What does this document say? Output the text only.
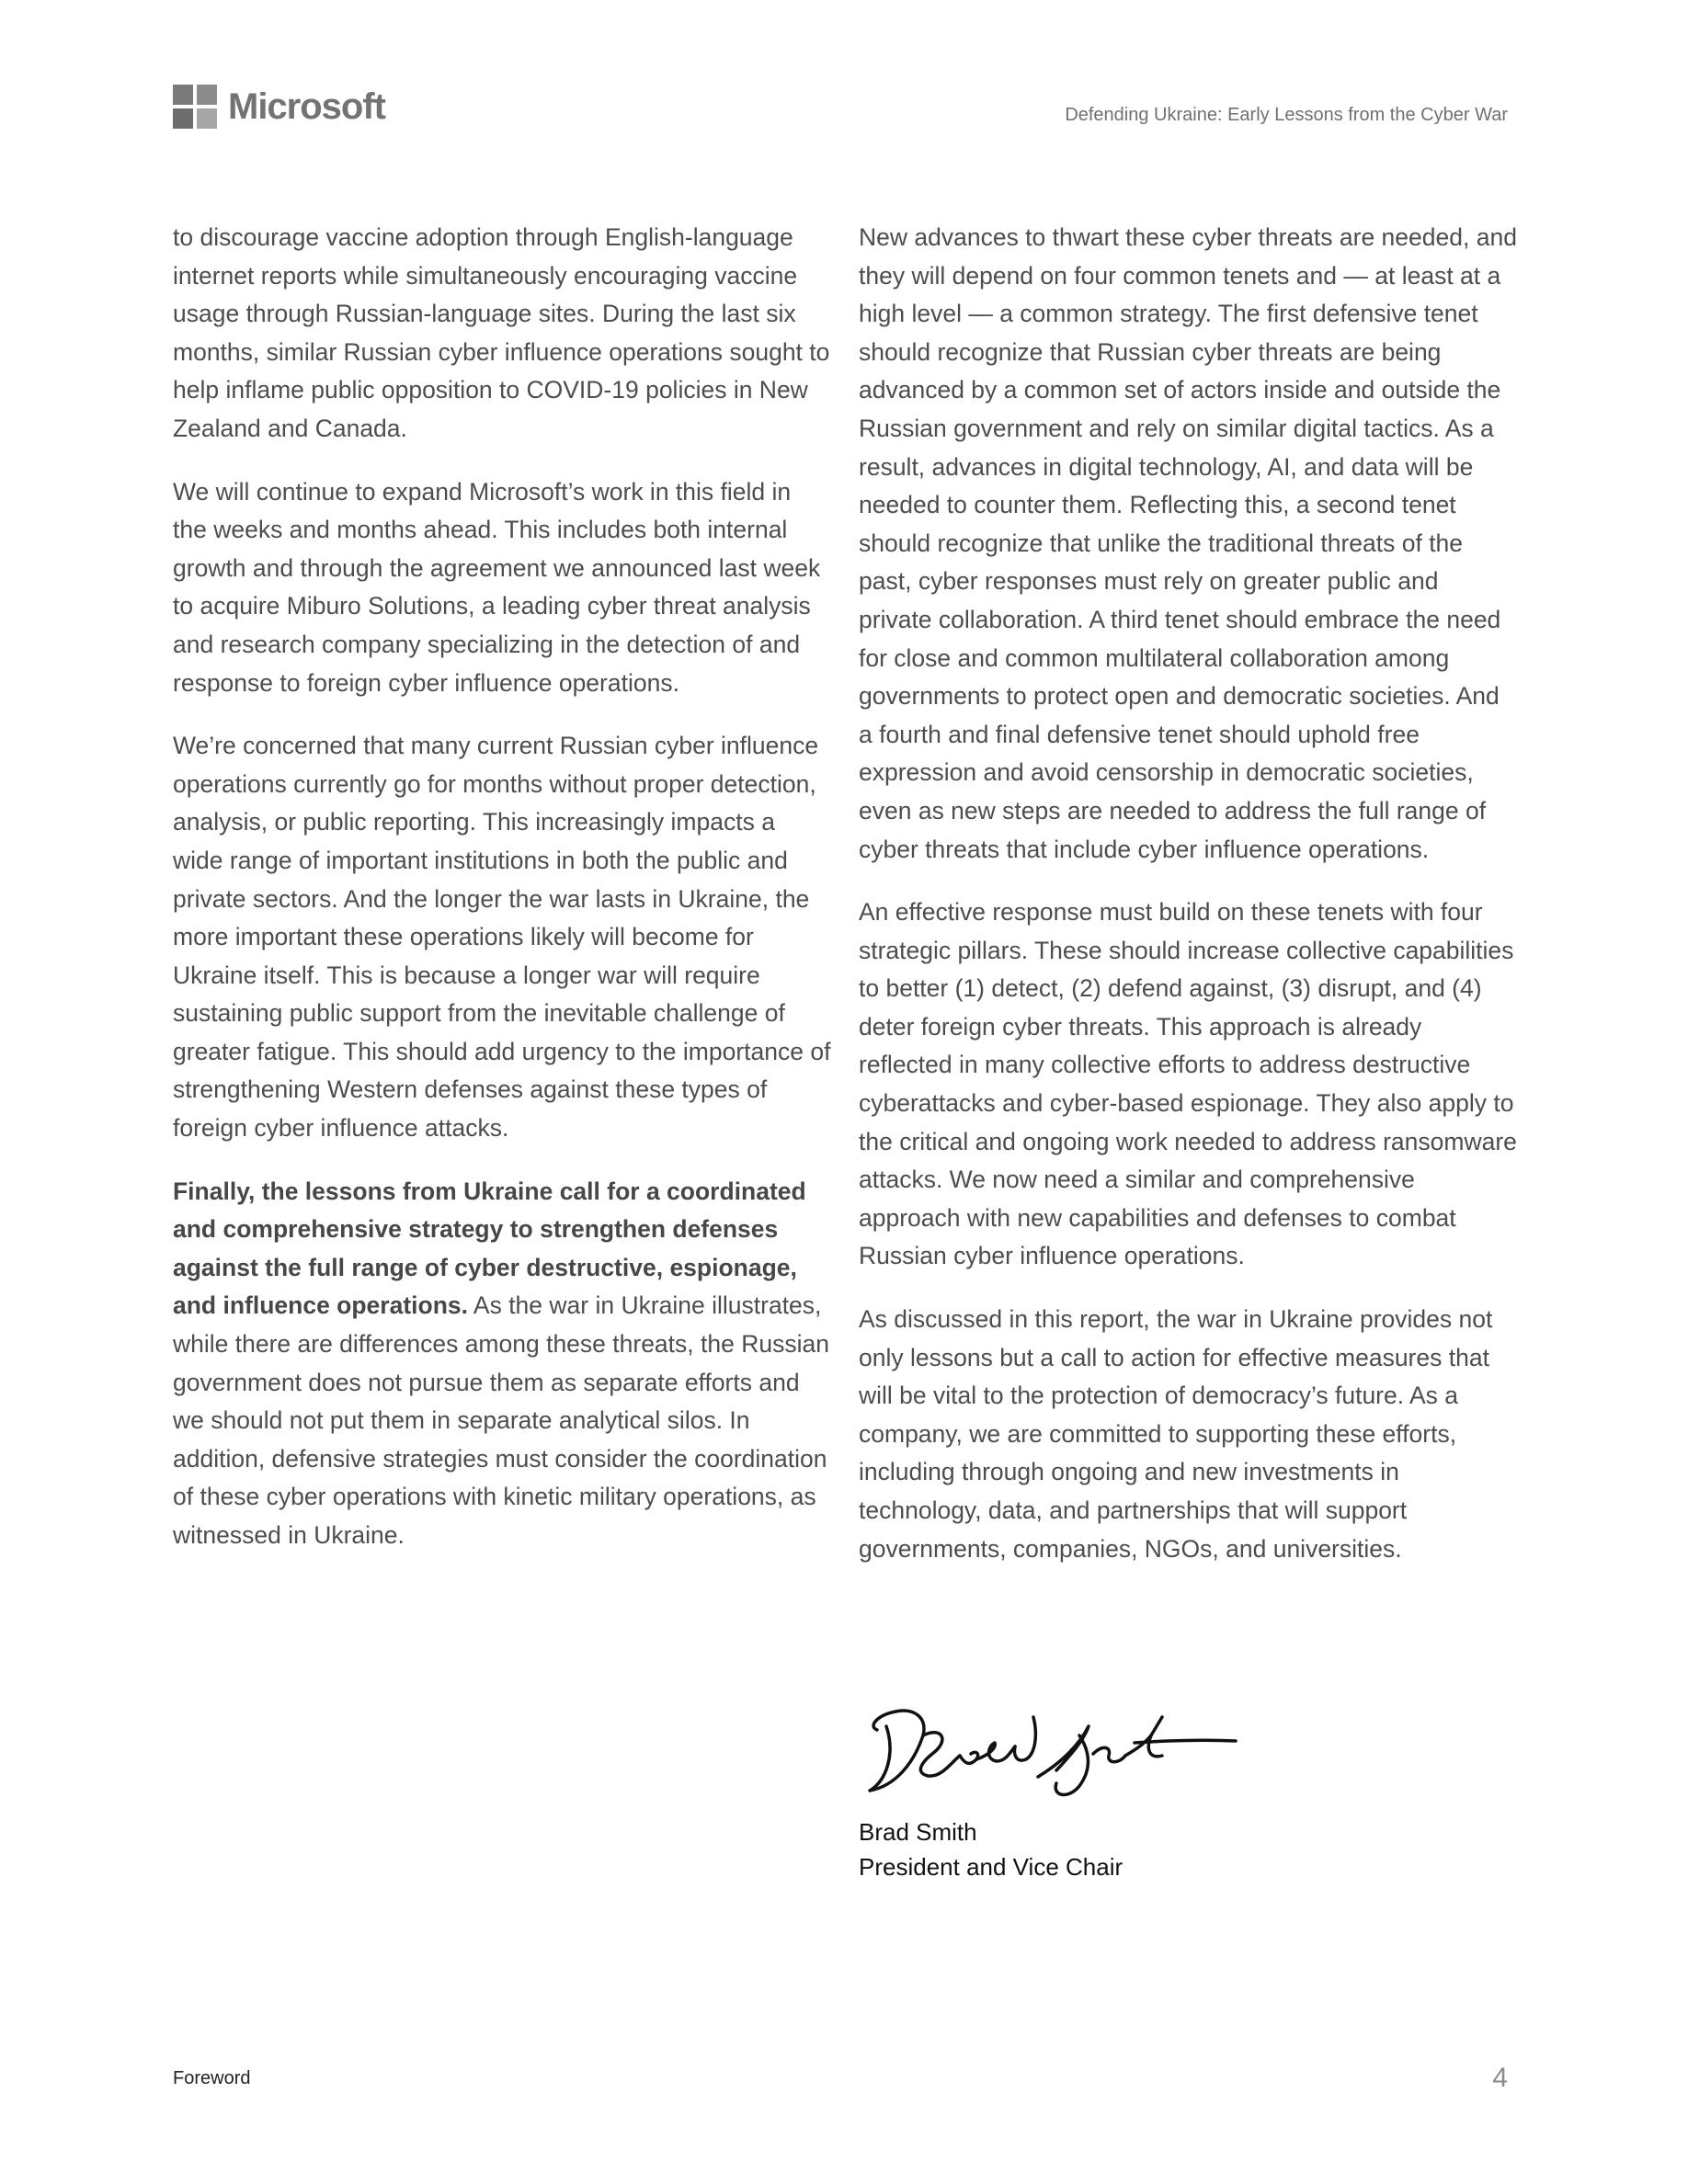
Microsoft	Defending Ukraine: Early Lessons from the Cyber War

to discourage vaccine adoption through English-language internet reports while simultaneously encouraging vaccine usage through Russian-language sites. During the last six months, similar Russian cyber influence operations sought to help inflame public opposition to COVID-19 policies in New Zealand and Canada.

We will continue to expand Microsoft’s work in this field in the weeks and months ahead. This includes both internal growth and through the agreement we announced last week to acquire Miburo Solutions, a leading cyber threat analysis and research company specializing in the detection of and response to foreign cyber influence operations.

We’re concerned that many current Russian cyber influence operations currently go for months without proper detection, analysis, or public reporting. This increasingly impacts a wide range of important institutions in both the public and private sectors. And the longer the war lasts in Ukraine, the more important these operations likely will become for Ukraine itself. This is because a longer war will require sustaining public support from the inevitable challenge of greater fatigue. This should add urgency to the importance of strengthening Western defenses against these types of foreign cyber influence attacks.

Finally, the lessons from Ukraine call for a coordinated and comprehensive strategy to strengthen defenses against the full range of cyber destructive, espionage, and influence operations. As the war in Ukraine illustrates, while there are differences among these threats, the Russian government does not pursue them as separate efforts and we should not put them in separate analytical silos. In addition, defensive strategies must consider the coordination of these cyber operations with kinetic military operations, as witnessed in Ukraine.

New advances to thwart these cyber threats are needed, and they will depend on four common tenets and — at least at a high level — a common strategy. The first defensive tenet should recognize that Russian cyber threats are being advanced by a common set of actors inside and outside the Russian government and rely on similar digital tactics. As a result, advances in digital technology, AI, and data will be needed to counter them. Reflecting this, a second tenet should recognize that unlike the traditional threats of the past, cyber responses must rely on greater public and private collaboration. A third tenet should embrace the need for close and common multilateral collaboration among governments to protect open and democratic societies. And a fourth and final defensive tenet should uphold free expression and avoid censorship in democratic societies, even as new steps are needed to address the full range of cyber threats that include cyber influence operations.

An effective response must build on these tenets with four strategic pillars. These should increase collective capabilities to better (1) detect, (2) defend against, (3) disrupt, and (4) deter foreign cyber threats. This approach is already reflected in many collective efforts to address destructive cyberattacks and cyber-based espionage. They also apply to the critical and ongoing work needed to address ransomware attacks. We now need a similar and comprehensive approach with new capabilities and defenses to combat Russian cyber influence operations.

As discussed in this report, the war in Ukraine provides not only lessons but a call to action for effective measures that will be vital to the protection of democracy’s future. As a company, we are committed to supporting these efforts, including through ongoing and new investments in technology, data, and partnerships that will support governments, companies, NGOs, and universities.

Brad Smith
President and Vice Chair
Foreword	4
